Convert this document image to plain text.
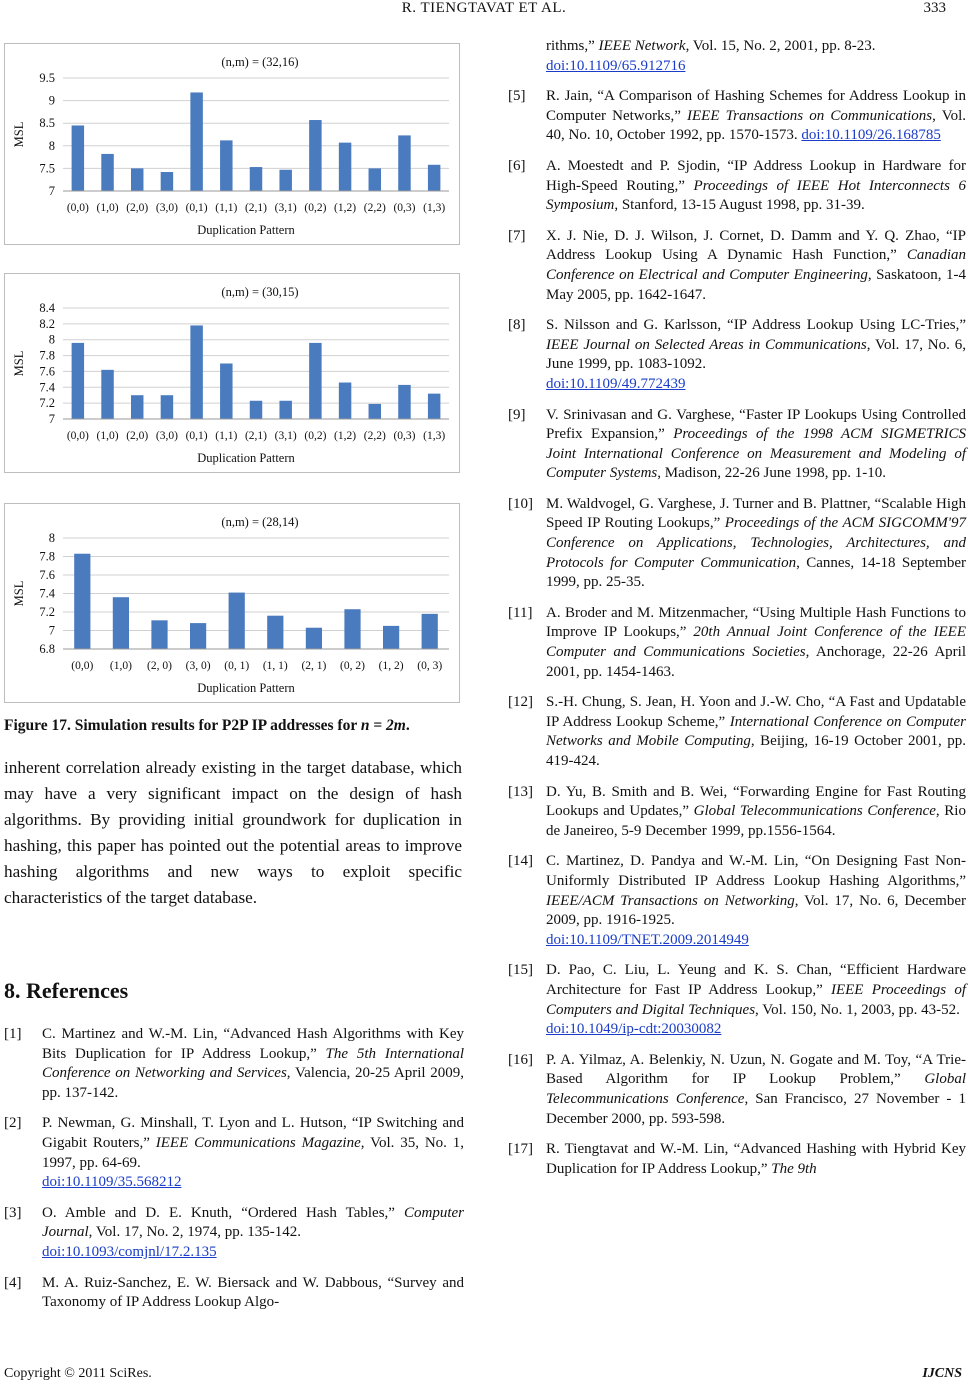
R. TIENGTAVAT ET AL.	333
(n,m) = (32,16)
9.5
9
8.5
8
7.5
7
MSL
(0,0) (1,0) (2,0) (3,0) (0,1) (1,1) (2,1) (3,1) (0,2) (1,2) (2,2) (0,3) (1,3)
Duplication Pattern
(n,m) = (30,15)
8.4
8.2
8
7.8
7.6
7.4
7.2
7
MSL
(0,0) (1,0) (2,0) (3,0) (0,1) (1,1) (2,1) (3,1) (0,2) (1,2) (2,2) (0,3) (1,3)
Duplication Pattern
(n,m) = (28,14)
8
7.8
7.6
7.4
7.2
7
6.8
MSL
(0,0) (1,0) (2, 0) (3, 0) (0, 1) (1, 1) (2, 1) (0, 2) (1, 2) (0, 3)
Duplication Pattern
Figure 17. Simulation results for P2P IP addresses for n = 2m.
inherent correlation already existing in the target database, which may have a very significant impact on the design of hash algorithms. By providing initial groundwork for duplication in hashing, this paper has pointed out the potential areas to improve hashing algorithms and new ways to exploit specific characteristics of the target database.
8. References
[1]	C. Martinez and W.-M. Lin, “Advanced Hash Algorithms with Key Bits Duplication for IP Address Lookup,” The 5th International Conference on Networking and Services, Valencia, 20-25 April 2009, pp. 137-142.
[2]	P. Newman, G. Minshall, T. Lyon and L. Hutson, “IP Switching and Gigabit Routers,” IEEE Communications Magazine, Vol. 35, No. 1, 1997, pp. 64-69.
doi:10.1109/35.568212
[3]	O. Amble and D. E. Knuth, “Ordered Hash Tables,” Computer Journal, Vol. 17, No. 2, 1974, pp. 135-142.
doi:10.1093/comjnl/17.2.135
[4]	M. A. Ruiz-Sanchez, E. W. Biersack and W. Dabbous, “Survey and Taxonomy of IP Address Lookup Algo-
rithms,” IEEE Network, Vol. 15, No. 2, 2001, pp. 8-23.
doi:10.1109/65.912716
[5]	R. Jain, “A Comparison of Hashing Schemes for Address Lookup in Computer Networks,” IEEE Transactions on Communications, Vol. 40, No. 10, October 1992, pp. 1570-1573. doi:10.1109/26.168785
[6]	A. Moestedt and P. Sjodin, “IP Address Lookup in Hardware for High-Speed Routing,” Proceedings of IEEE Hot Interconnects 6 Symposium, Stanford, 13-15 August 1998, pp. 31-39.
[7]	X. J. Nie, D. J. Wilson, J. Cornet, D. Damm and Y. Q. Zhao, “IP Address Lookup Using A Dynamic Hash Function,” Canadian Conference on Electrical and Computer Engineering, Saskatoon, 1-4 May 2005, pp. 1642-1647.
[8]	S. Nilsson and G. Karlsson, “IP Address Lookup Using LC-Tries,” IEEE Journal on Selected Areas in Communications, Vol. 17, No. 6, June 1999, pp. 1083-1092.
doi:10.1109/49.772439
[9]	V. Srinivasan and G. Varghese, “Faster IP Lookups Using Controlled Prefix Expansion,” Proceedings of the 1998 ACM SIGMETRICS Joint International Conference on Measurement and Modeling of Computer Systems, Madison, 22-26 June 1998, pp. 1-10.
[10] M. Waldvogel, G. Varghese, J. Turner and B. Plattner, “Scalable High Speed IP Routing Lookups,” Proceedings of the ACM SIGCOMM'97 Conference on Applications, Technologies, Architectures, and Protocols for Computer Communication, Cannes, 14-18 September 1999, pp. 25-35.
[11] A. Broder and M. Mitzenmacher, “Using Multiple Hash Functions to Improve IP Lookups,” 20th Annual Joint Conference of the IEEE Computer and Communications Societies, Anchorage, 22-26 April 2001, pp. 1454-1463.
[12] S.-H. Chung, S. Jean, H. Yoon and J.-W. Cho, “A Fast and Updatable IP Address Lookup Scheme,” International Conference on Computer Networks and Mobile Computing, Beijing, 16-19 October 2001, pp. 419-424.
[13] D. Yu, B. Smith and B. Wei, “Forwarding Engine for Fast Routing Lookups and Updates,” Global Telecommunications Conference, Rio de Janeireo, 5-9 December 1999, pp.1556-1564.
[14] C. Martinez, D. Pandya and W.-M. Lin, “On Designing Fast Non-Uniformly Distributed IP Address Lookup Hashing Algorithms,” IEEE/ACM Transactions on Networking, Vol. 17, No. 6, December 2009, pp. 1916-1925.
doi:10.1109/TNET.2009.2014949
[15] D. Pao, C. Liu, L. Yeung and K. S. Chan, “Efficient Hardware Architecture for Fast IP Address Lookup,” IEEE Proceedings of Computers and Digital Techniques, Vol. 150, No. 1, 2003, pp. 43-52.
doi:10.1049/ip-cdt:20030082
[16] P. A. Yilmaz, A. Belenkiy, N. Uzun, N. Gogate and M. Toy, “A Trie-Based Algorithm for IP Lookup Problem,” Global Telecommunications Conference, San Francisco, 27 November - 1 December 2000, pp. 593-598.
[17] R. Tiengtavat and W.-M. Lin, “Advanced Hashing with Hybrid Key Duplication for IP Address Lookup,” The 9th
Copyright © 2011 SciRes.	IJCNS
